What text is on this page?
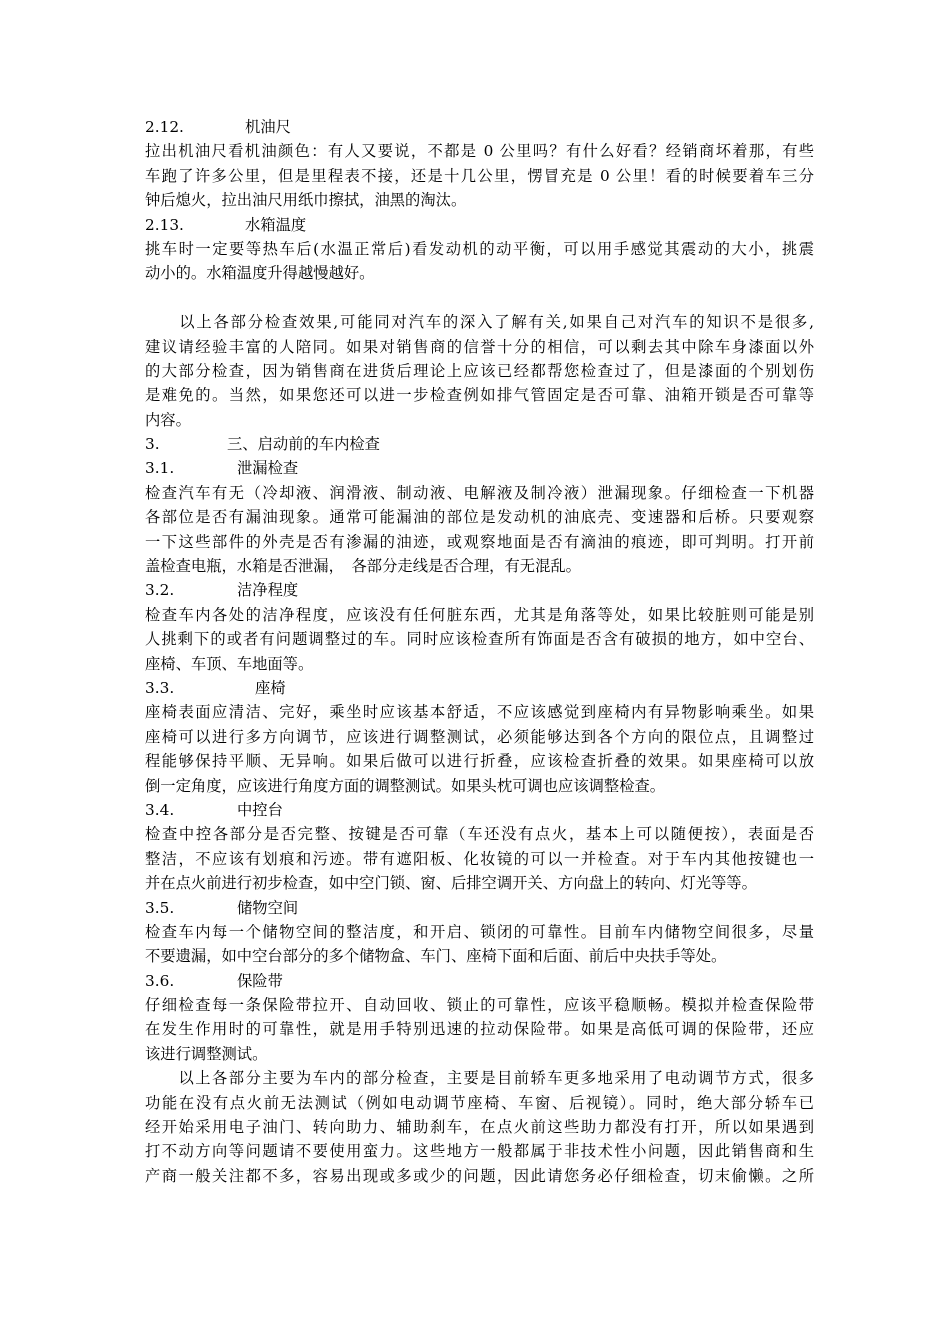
2.12.	机油尺
拉出机油尺看机油颜色：有人又要说，不都是 0 公里吗？有什么好看？经销商坏着那，有些
车跑了许多公里，但是里程表不接，还是十几公里，愣冒充是 0 公里！看的时候要着车三分
钟后熄火，拉出油尺用纸巾擦拭，油黑的淘汰。
2.13.	水箱温度
挑车时一定要等热车后(水温正常后)看发动机的动平衡，可以用手感觉其震动的大小，挑震
动小的。水箱温度升得越慢越好。
　　以上各部分检查效果,可能同对汽车的深入了解有关,如果自己对汽车的知识不是很多,
建议请经验丰富的人陪同。如果对销售商的信誉十分的相信，可以剩去其中除车身漆面以外
的大部分检查，因为销售商在进货后理论上应该已经都帮您检查过了，但是漆面的个别划伤
是难免的。当然，如果您还可以进一步检查例如排气管固定是否可靠、油箱开锁是否可靠等
内容。
3.	三、启动前的车内检查
3.1.	泄漏检查
检查汽车有无（冷却液、润滑液、制动液、电解液及制冷液）泄漏现象。仔细检查一下机器
各部位是否有漏油现象。通常可能漏油的部位是发动机的油底壳、变速器和后桥。只要观察
一下这些部件的外壳是否有渗漏的油迹，或观察地面是否有滴油的痕迹，即可判明。打开前
盖检查电瓶，水箱是否泄漏，　各部分走线是否合理，有无混乱。
3.2.	洁净程度
检查车内各处的洁净程度，应该没有任何脏东西，尤其是角落等处，如果比较脏则可能是别
人挑剩下的或者有问题调整过的车。同时应该检查所有饰面是否含有破损的地方，如中空台、
座椅、车顶、车地面等。
3.3.	座椅
座椅表面应清洁、完好，乘坐时应该基本舒适，不应该感觉到座椅内有异物影响乘坐。如果
座椅可以进行多方向调节，应该进行调整测试，必须能够达到各个方向的限位点，且调整过
程能够保持平顺、无异响。如果后做可以进行折叠，应该检查折叠的效果。如果座椅可以放
倒一定角度，应该进行角度方面的调整测试。如果头枕可调也应该调整检查。
3.4.	中控台
检查中控各部分是否完整、按键是否可靠（车还没有点火，基本上可以随便按），表面是否
整洁，不应该有划痕和污迹。带有遮阳板、化妆镜的可以一并检查。对于车内其他按键也一
并在点火前进行初步检查，如中空门锁、窗、后排空调开关、方向盘上的转向、灯光等等。
3.5.	储物空间
检查车内每一个储物空间的整洁度，和开启、锁闭的可靠性。目前车内储物空间很多，尽量
不要遗漏，如中空台部分的多个储物盒、车门、座椅下面和后面、前后中央扶手等处。
3.6.	保险带
仔细检查每一条保险带拉开、自动回收、锁止的可靠性，应该平稳顺畅。模拟并检查保险带
在发生作用时的可靠性，就是用手特别迅速的拉动保险带。如果是高低可调的保险带，还应
该进行调整测试。
　　以上各部分主要为车内的部分检查，主要是目前轿车更多地采用了电动调节方式，很多
功能在没有点火前无法测试（例如电动调节座椅、车窗、后视镜）。同时，绝大部分轿车已
经开始采用电子油门、转向助力、辅助刹车，在点火前这些助力都没有打开，所以如果遇到
打不动方向等问题请不要使用蛮力。这些地方一般都属于非技术性小问题，因此销售商和生
产商一般关注都不多，容易出现或多或少的问题，因此请您务必仔细检查，切末偷懒。之所
